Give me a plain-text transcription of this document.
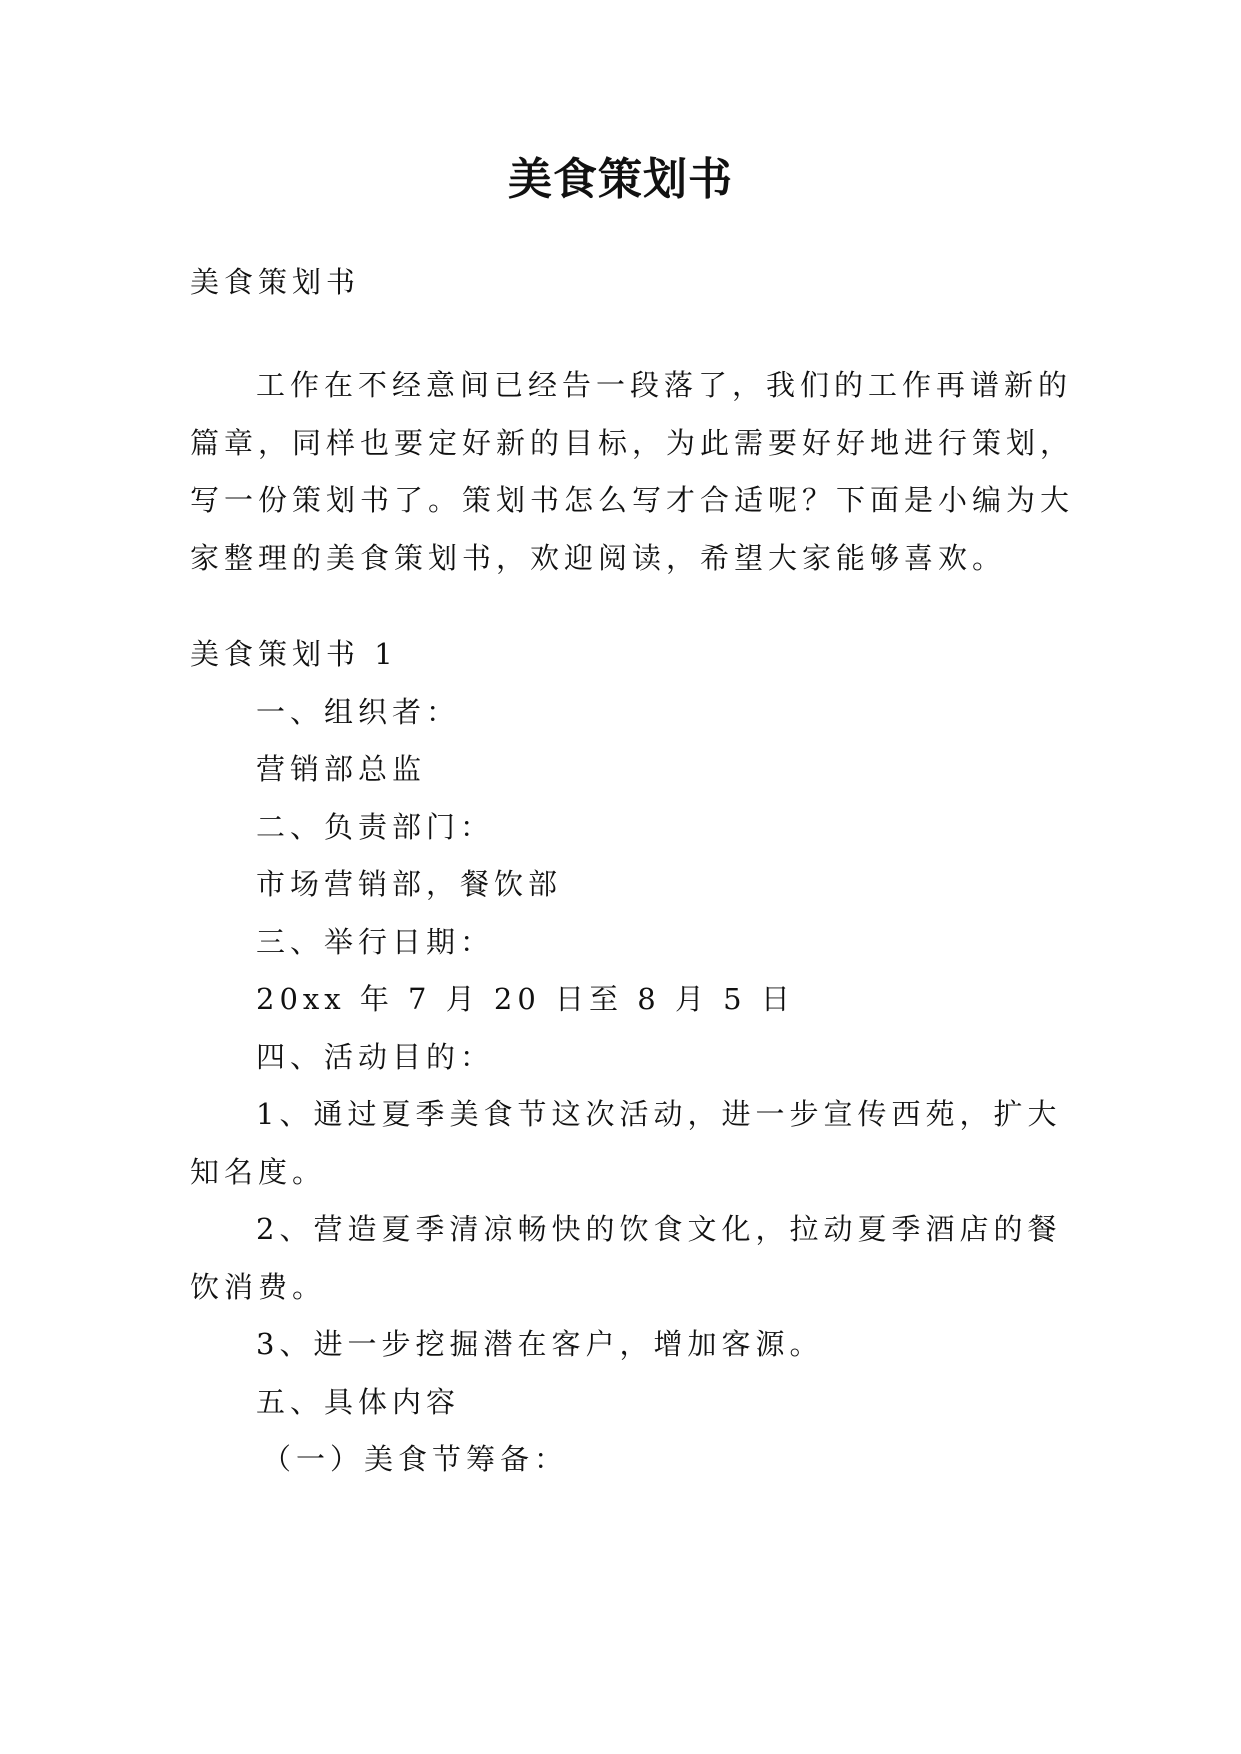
美食策划书
美食策划书
工作在不经意间已经告一段落了，我们的工作再谱新的
篇章，同样也要定好新的目标，为此需要好好地进行策划，
写一份策划书了。策划书怎么写才合适呢？下面是小编为大
家整理的美食策划书，欢迎阅读，希望大家能够喜欢。
美食策划书 1
一、组织者：
营销部总监
二、负责部门：
市场营销部，餐饮部
三、举行日期：
20xx 年 7 月 20 日至 8 月 5 日
四、活动目的：
1、通过夏季美食节这次活动，进一步宣传西苑，扩大
知名度。
2、营造夏季清凉畅快的饮食文化，拉动夏季酒店的餐
饮消费。
3、进一步挖掘潜在客户，增加客源。
五、具体内容
（一）美食节筹备：
